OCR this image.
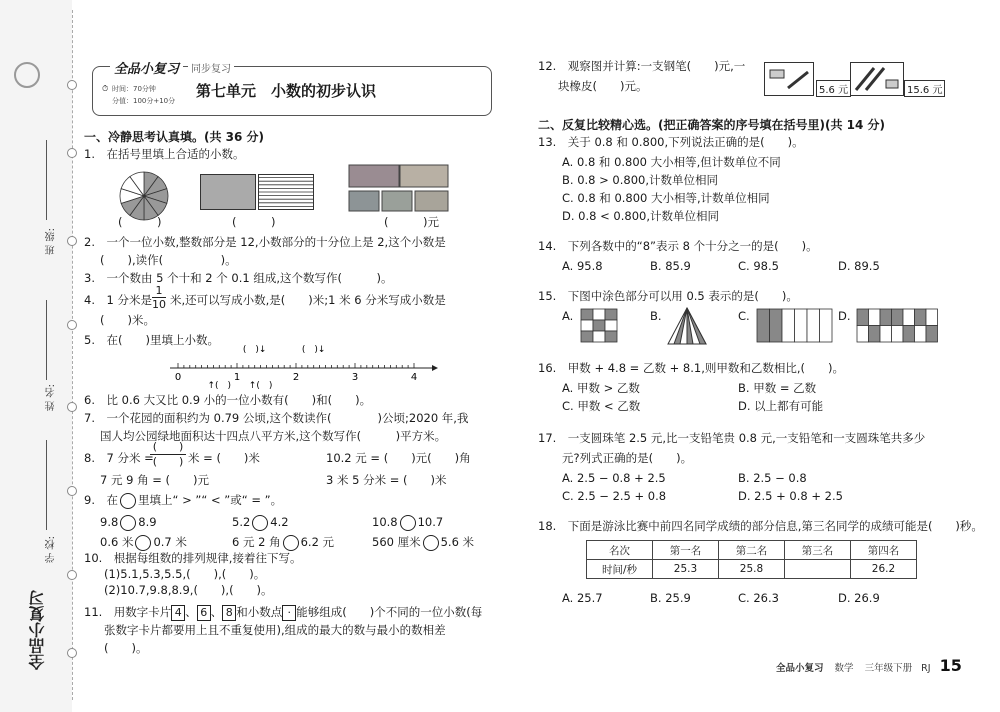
班 级:
姓 名:
学 校:
全品小复习
全品小复习	同步复习
⏱ 时间：70分钟
分值：100分+10分
第七单元　小数的初步认识
一、冷静思考认真填。(共 36 分)
1.　在括号里填上合适的小数。
(　　　)	(　　　)	(　　　)元
2.　一个一位小数,整数部分是 12,小数部分的十分位上是 2,这个小数是
(　　),读作(　　　　　)。
3.　一个数由 5 个十和 2 个 0.1 组成,这个数写作(　　　)。
4.　1 分米是 $\frac{1}{10}$ 米,还可以写成小数,是(　　)米;1 米 6 分米写成小数是
(　　)米。
5.　在(　　)里填上小数。
0	1	2	3	4
(　)↓	(　)↓
↑(　) ↑(　)
6.　比 0.6 大又比 0.9 小的一位小数有(　　)和(　　)。
7.　一个花园的面积约为 0.79 公顷,这个数读作(　　　　)公顷;2020 年,我
国人均公园绿地面积达十四点八平方米,这个数写作(　　　)平方米。
8.　7 分米 =
(　　)
(　　) 米 = (　　)米	10.2 元 = (　　)元(　　)角
7 元 9 角 = (　　)元	3 米 5 分米 = (　　)米
9.　在 里填上“ > ”“ < ”或“ = ”。
9.8 8.9	5.2 4.2	10.8 10.7
0.6 米 0.7 米	6 元 2 角 6.2 元	560 厘米 5.6 米
10.　根据每组数的排列规律,接着往下写。
(1)5.1,5.3,5.5,(　　),(　　)。
(2)10.7,9.8,8.9,(　　),(　　)。
11.　用数字卡片 4 、 6 、 8 和小数点 · 能够组成(　　)个不同的一位小数(每
张数字卡片都要用上且不重复使用),组成的最大的数与最小的数相差
(　　)。
12.　观察图并计算:一支钢笔(　　)元,一
块橡皮(　　)元。	5.6 元	15.6 元
二、反复比较精心选。(把正确答案的序号填在括号里)(共 14 分)
13.　关于 0.8 和 0.800,下列说法正确的是(　　)。
A. 0.8 和 0.800 大小相等,但计数单位不同
B. 0.8 > 0.800,计数单位相同
C. 0.8 和 0.800 大小相等,计数单位相同
D. 0.8 < 0.800,计数单位相同
14.　下列各数中的“8”表示 8 个十分之一的是(　　)。
A. 95.8	B. 85.9	C. 98.5	D. 89.5
15.　下图中涂色部分可以用 0.5 表示的是(　　)。
A.	B.	C.	D.
16.　甲数 + 4.8 = 乙数 + 8.1,则甲数和乙数相比,(　　)。
A. 甲数 > 乙数	B. 甲数 = 乙数
C. 甲数 < 乙数	D. 以上都有可能
17.　一支圆珠笔 2.5 元,比一支铅笔贵 0.8 元,一支铅笔和一支圆珠笔共多少
元?列式正确的是(　　)。
A. 2.5 − 0.8 + 2.5	B. 2.5 − 0.8
C. 2.5 − 2.5 + 0.8	D. 2.5 + 0.8 + 2.5
18.　下面是游泳比赛中前四名同学成绩的部分信息,第三名同学的成绩可能是(　　)秒。
名次	第一名	第二名	第三名	第四名
时间/秒	25.3	25.8		26.2
A. 25.7	B. 25.9	C. 26.3	D. 26.9
全品小复习 数学 三年级下册 RJ 15
